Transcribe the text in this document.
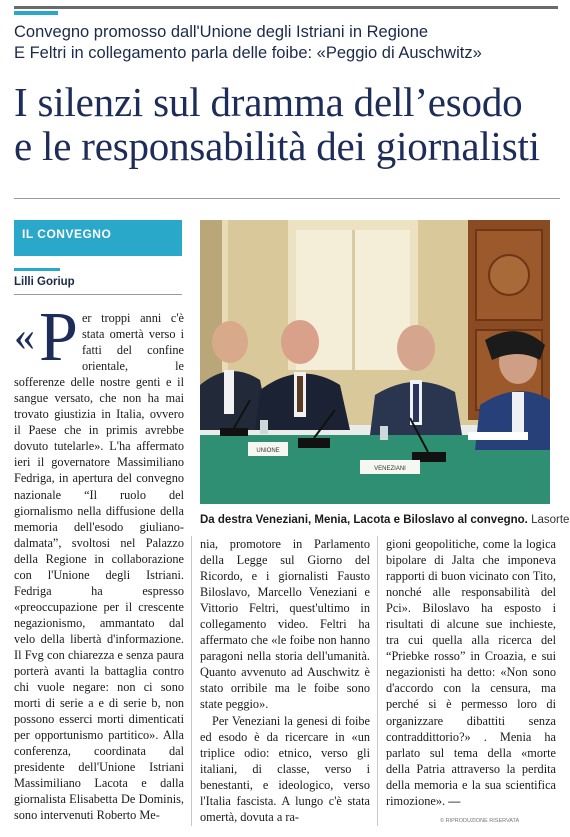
Convegno promosso dall'Unione degli Istriani in Regione
E Feltri in collegamento parla delle foibe: «Peggio di Auschwitz»
I silenzi sul dramma dell’esodo
e le responsabilità dei giornalisti
IL CONVEGNO
Lilli Goriup
« P er troppi anni c'è stata omertà verso i fatti del confine orientale, le sofferenze delle nostre genti e il sangue versato, che non ha mai trovato giustizia in Italia, ovvero il Paese che in primis avrebbe dovuto tutelarle». L'ha affermato ieri il governatore Massimiliano Fedriga, in apertura del convegno nazionale “Il ruolo del giornalismo nella diffusione della memoria dell'esodo giuliano-dalmata”, svoltosi nel Palazzo della Regione in collaborazione con l'Unione degli Istriani. Fedriga ha espresso «preoccupazione per il crescente negazionismo, ammantato dal velo della libertà d'informazione. Il Fvg con chiarezza e senza paura porterà avanti la battaglia contro chi vuole negare: non ci sono morti di serie a e di serie b, non possono esserci morti dimenticati per opportunismo partitico». Alla conferenza, coordinata dal presidente dell'Unione Istriani Massimiliano Lacota e dalla giornalista Elisabetta De Dominis, sono intervenuti Roberto Me-
UNIONE
VENEZIANI
Da destra Veneziani, Menia, Lacota e Biloslavo al convegno. Lasorte
nia, promotore in Parlamento della Legge sul Giorno del Ricordo, e i giornalisti Fausto Biloslavo, Marcello Veneziani e Vittorio Feltri, quest'ultimo in collegamento video. Feltri ha affermato che «le foibe non hanno paragoni nella storia dell'umanità. Quanto avvenuto ad Auschwitz è stato orribile ma le foibe sono state peggio».
Per Veneziani la genesi di foibe ed esodo è da ricercare in «un triplice odio: etnico, verso gli italiani, di classe, verso i benestanti, e ideologico, verso l'Italia fascista. A lungo c'è stata omertà, dovuta a ra-
gioni geopolitiche, come la logica bipolare di Jalta che imponeva rapporti di buon vicinato con Tito, nonché alle responsabilità del Pci». Biloslavo ha esposto i risultati di alcune sue inchieste, tra cui quella alla ricerca del “Priebke rosso” in Croazia, e sui negazionisti ha detto: «Non sono d'accordo con la censura, ma perché si è permesso loro di organizzare dibattiti senza contraddittorio?» . Menia ha parlato sul tema della «morte della Patria attraverso la perdita della memoria e la sua scientifica rimozione». —
© RIPRODUZIONE RISERVATA
